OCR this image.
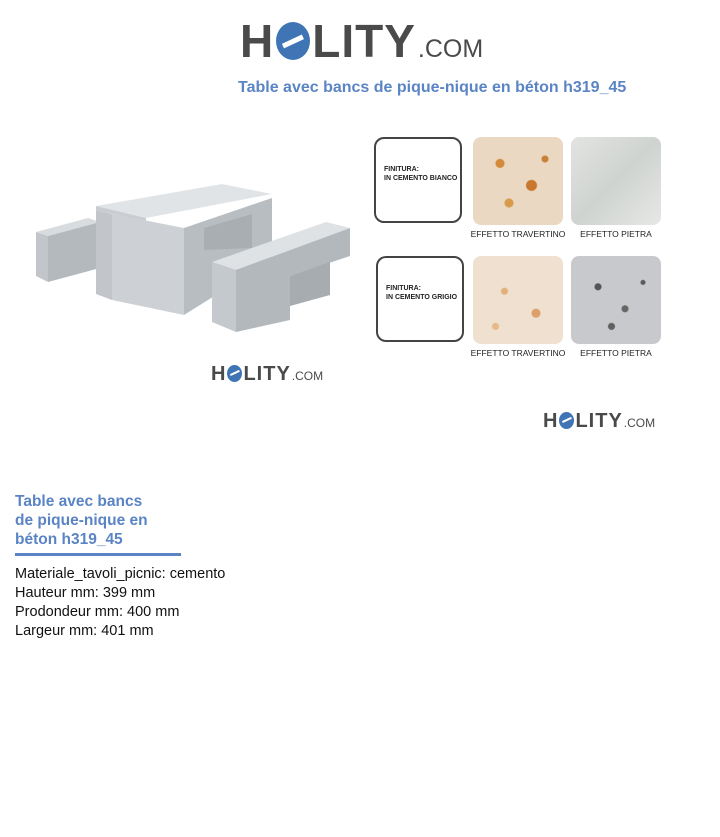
H LITY .COM
Table avec bancs de pique-nique en béton h319_45
H LITY .COM
FINITURA:
IN CEMENTO BIANCO
EFFETTO TRAVERTINO	EFFETTO PIETRA
FINITURA:
IN CEMENTO GRIGIO
EFFETTO TRAVERTINO	EFFETTO PIETRA
H LITY .COM
Table avec bancs
de pique-nique en
béton h319_45
Materiale_tavoli_picnic: cemento
Hauteur mm: 399 mm
Prodondeur mm: 400 mm
Largeur mm: 401 mm
